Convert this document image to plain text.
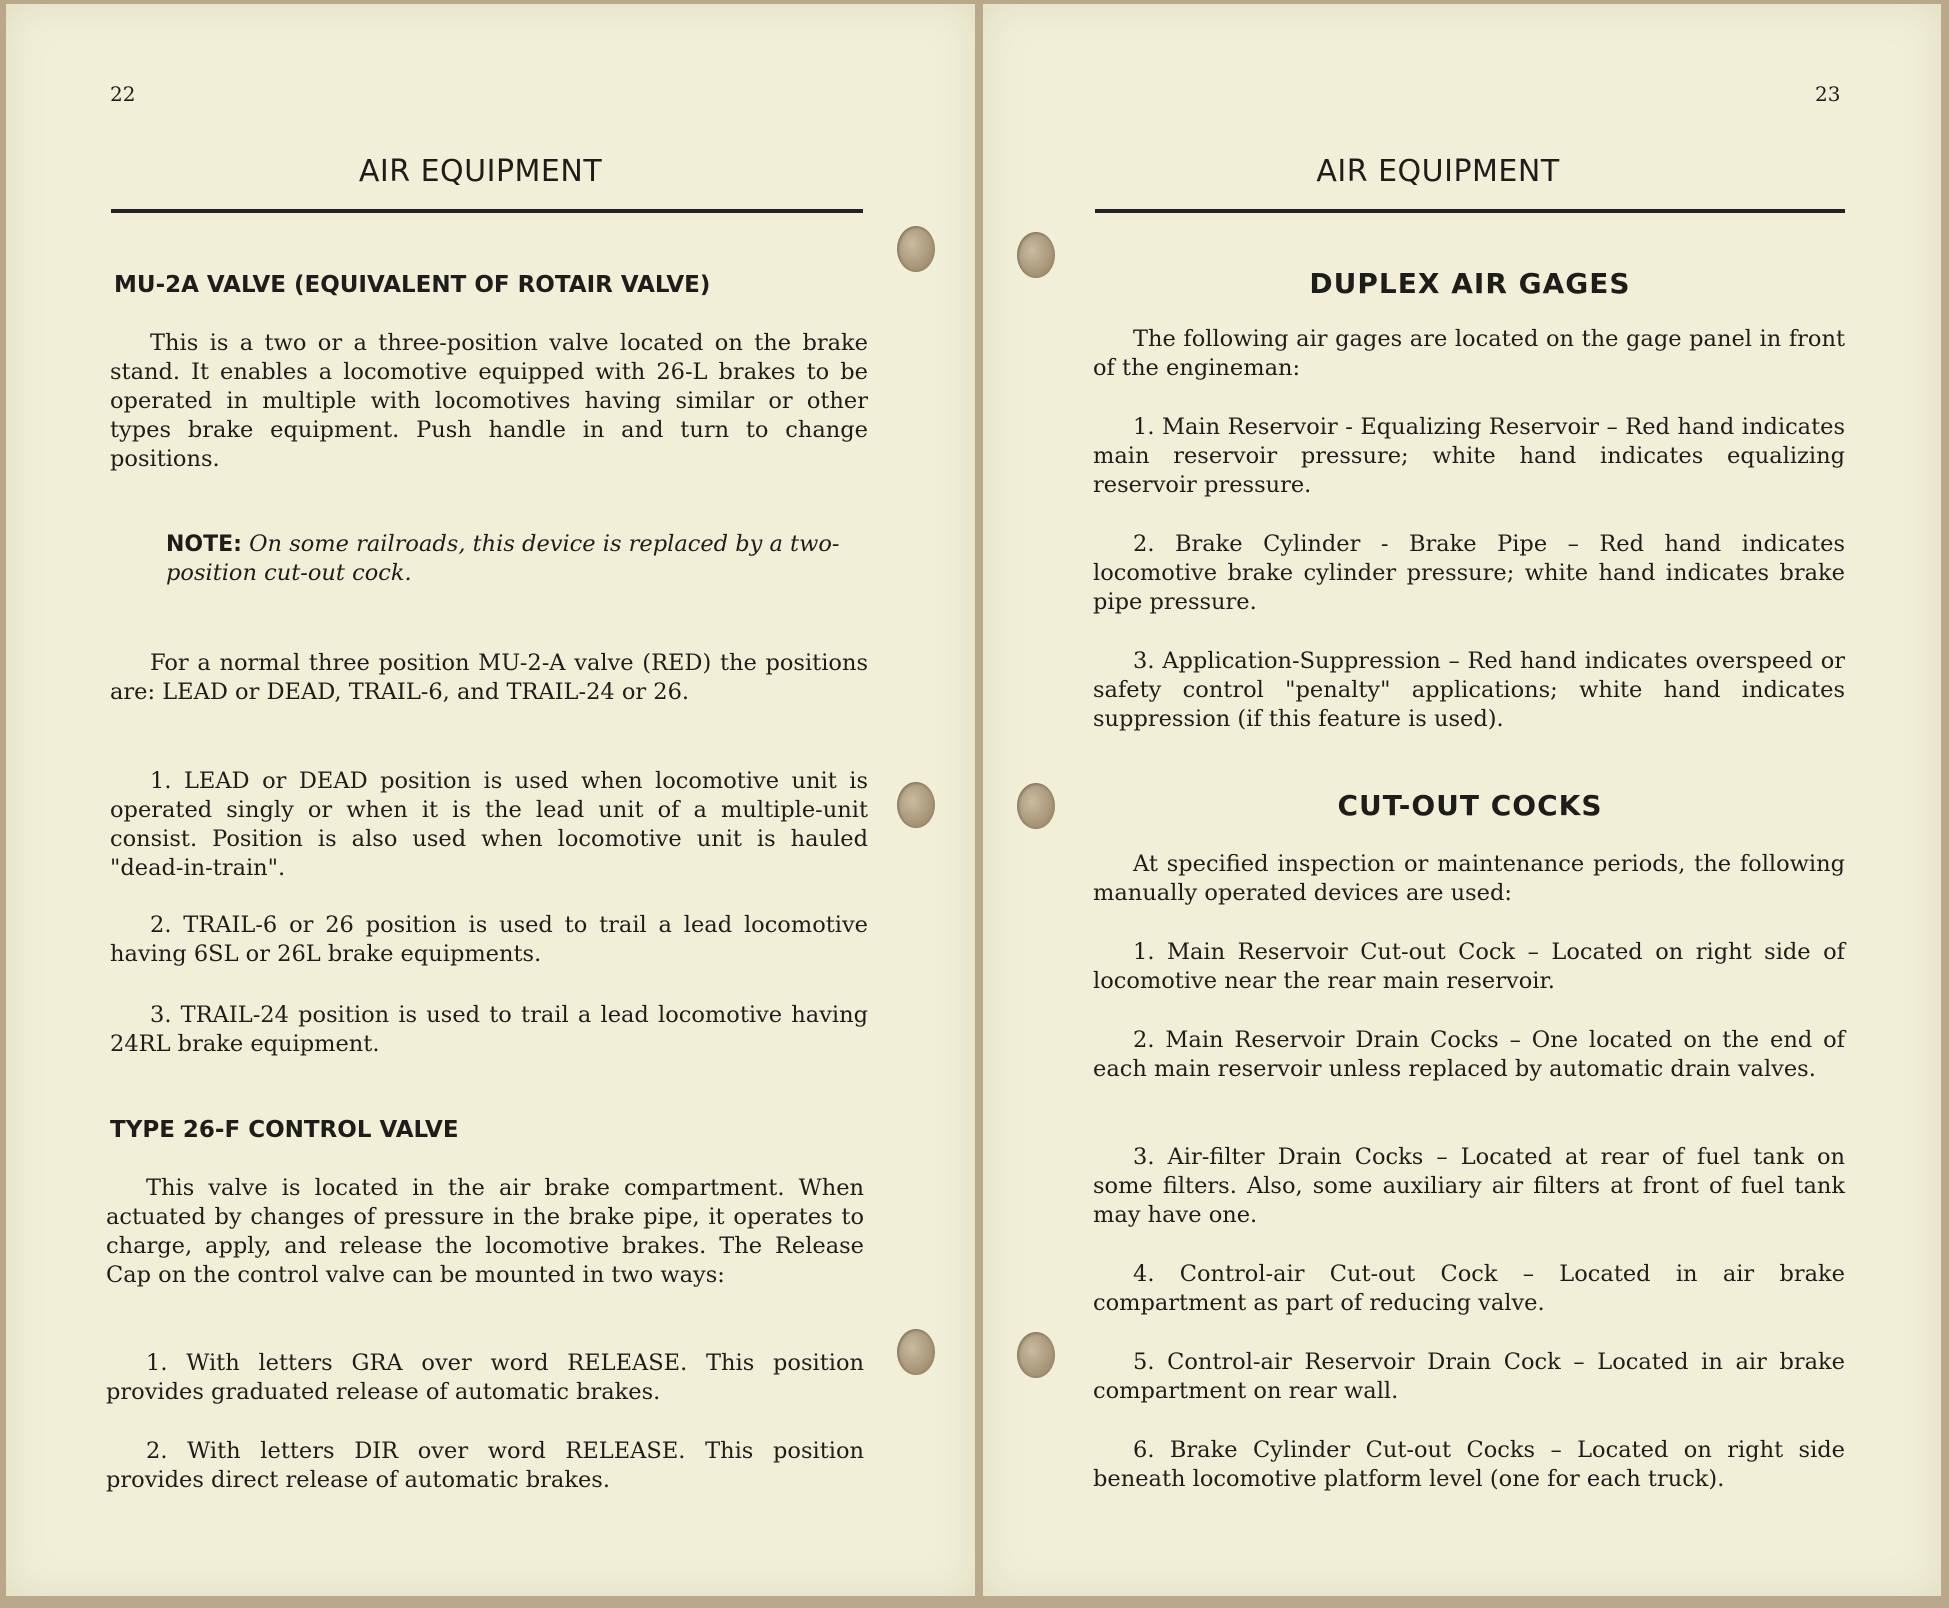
22
AIR EQUIPMENT
MU-2A VALVE (EQUIVALENT OF ROTAIR VALVE)

This is a two or a three-position valve located on the brake stand. It enables a locomotive equipped with 26-L brakes to be operated in multiple with locomotives having similar or other types brake equipment. Push handle in and turn to change positions.

NOTE: On some railroads, this device is replaced by a two-position cut-out cock.

For a normal three position MU-2-A valve (RED) the positions are: LEAD or DEAD, TRAIL-6, and TRAIL-24 or 26.

1. LEAD or DEAD position is used when locomotive unit is operated singly or when it is the lead unit of a multiple-unit consist. Position is also used when locomotive unit is hauled "dead-in-train".

2. TRAIL-6 or 26 position is used to trail a lead locomotive having 6SL or 26L brake equipments.

3. TRAIL-24 position is used to trail a lead locomotive having 24RL brake equipment.

TYPE 26-F CONTROL VALVE

This valve is located in the air brake compartment. When actuated by changes of pressure in the brake pipe, it operates to charge, apply, and release the locomotive brakes. The Release Cap on the control valve can be mounted in two ways:

1. With letters GRA over word RELEASE. This position provides graduated release of automatic brakes.

2. With letters DIR over word RELEASE. This position provides direct release of automatic brakes.

23
AIR EQUIPMENT
DUPLEX AIR GAGES

The following air gages are located on the gage panel in front of the engineman:

1. Main Reservoir - Equalizing Reservoir – Red hand indicates main reservoir pressure; white hand indicates equalizing reservoir pressure.

2. Brake Cylinder - Brake Pipe – Red hand indicates locomotive brake cylinder pressure; white hand indicates brake pipe pressure.

3. Application-Suppression – Red hand indicates overspeed or safety control "penalty" applications; white hand indicates suppression (if this feature is used).

CUT-OUT COCKS

At specified inspection or maintenance periods, the following manually operated devices are used:

1. Main Reservoir Cut-out Cock – Located on right side of locomotive near the rear main reservoir.

2. Main Reservoir Drain Cocks – One located on the end of each main reservoir unless replaced by automatic drain valves.

3. Air-filter Drain Cocks – Located at rear of fuel tank on some filters. Also, some auxiliary air filters at front of fuel tank may have one.

4. Control-air Cut-out Cock – Located in air brake compartment as part of reducing valve.

5. Control-air Reservoir Drain Cock – Located in air brake compartment on rear wall.

6. Brake Cylinder Cut-out Cocks – Located on right side beneath locomotive platform level (one for each truck).
